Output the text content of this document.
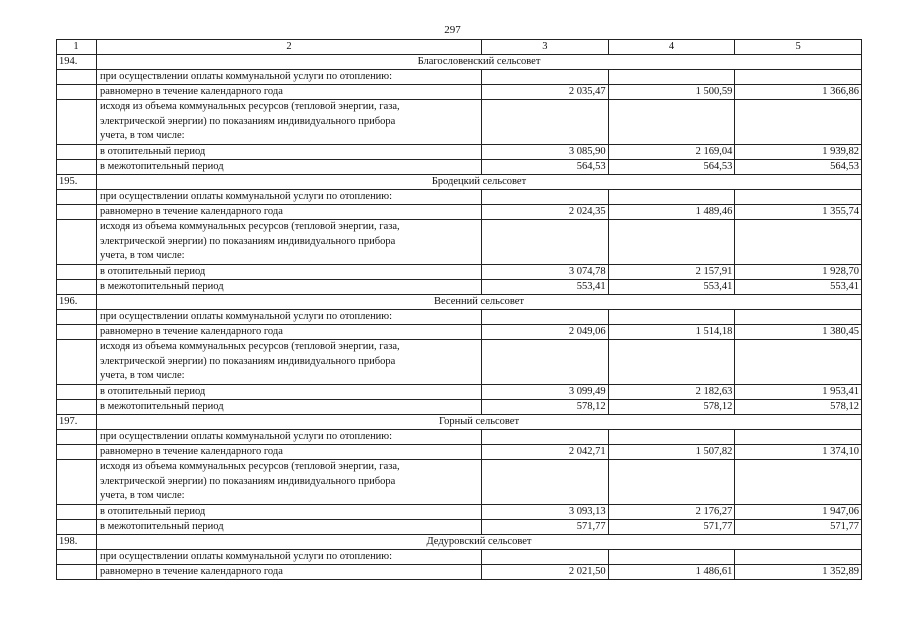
297
1	2	3	4	5
194.	Благословенский сельсовет			
	при осуществлении оплаты коммунальной услуги по отоплению:			
	равномерно в течение календарного года	2 035,47	1 500,59	1 366,86

	исходя из объема коммунальных ресурсов (тепловой энергии, газа,
электрической энергии) по показаниям индивидуального прибора
учета, в том числе:			

	в отопительный период	3 085,90	2 169,04	1 939,82
	в межотопительный период	564,53	564,53	564,53
195.	Бродецкий сельсовет			
	при осуществлении оплаты коммунальной услуги по отоплению:			
	равномерно в течение календарного года	2 024,35	1 489,46	1 355,74

	исходя из объема коммунальных ресурсов (тепловой энергии, газа,
электрической энергии) по показаниям индивидуального прибора
учета, в том числе:			

	в отопительный период	3 074,78	2 157,91	1 928,70
	в межотопительный период	553,41	553,41	553,41
196.	Весенний сельсовет			
	при осуществлении оплаты коммунальной услуги по отоплению:			
	равномерно в течение календарного года	2 049,06	1 514,18	1 380,45

	исходя из объема коммунальных ресурсов (тепловой энергии, газа,
электрической энергии) по показаниям индивидуального прибора
учета, в том числе:			

	в отопительный период	3 099,49	2 182,63	1 953,41
	в межотопительный период	578,12	578,12	578,12
197.	Горный сельсовет			
	при осуществлении оплаты коммунальной услуги по отоплению:			
	равномерно в течение календарного года	2 042,71	1 507,82	1 374,10

	исходя из объема коммунальных ресурсов (тепловой энергии, газа,
электрической энергии) по показаниям индивидуального прибора
учета, в том числе:			

	в отопительный период	3 093,13	2 176,27	1 947,06
	в межотопительный период	571,77	571,77	571,77
198.	Дедуровский сельсовет			
	при осуществлении оплаты коммунальной услуги по отоплению:			
	равномерно в течение календарного года	2 021,50	1 486,61	1 352,89
